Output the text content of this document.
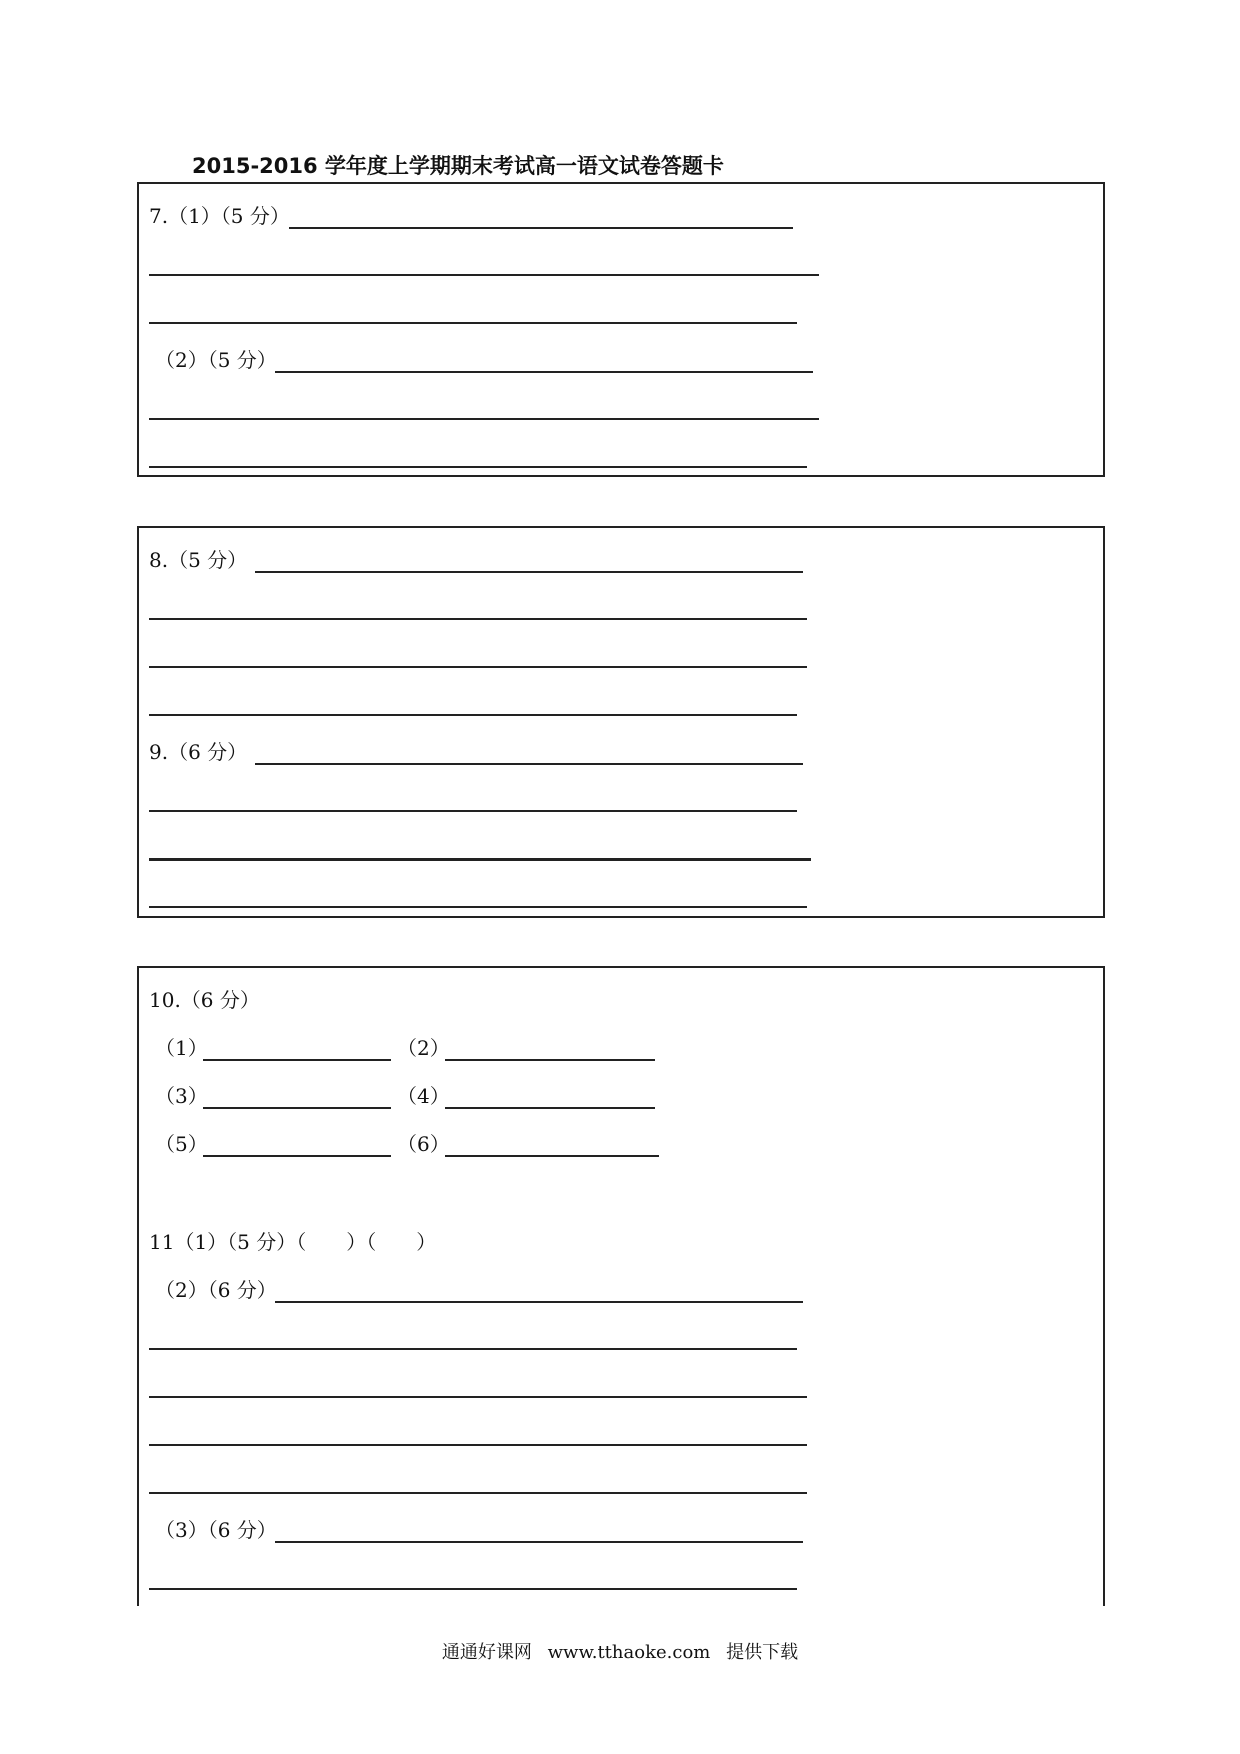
2015-2016 学年度上学期期末考试高一语文试卷答题卡
7.（1）（5 分）
（2）（5 分）
8.（5 分）
9.（6 分）
10.（6 分）
（1）	（2）
（3）	（4）
（5）	（6）
11（1）（5 分）（　　）（　　）
（2）（6 分）
（3）（6 分）
通通好课网 www.tthaoke.com 提供下载
